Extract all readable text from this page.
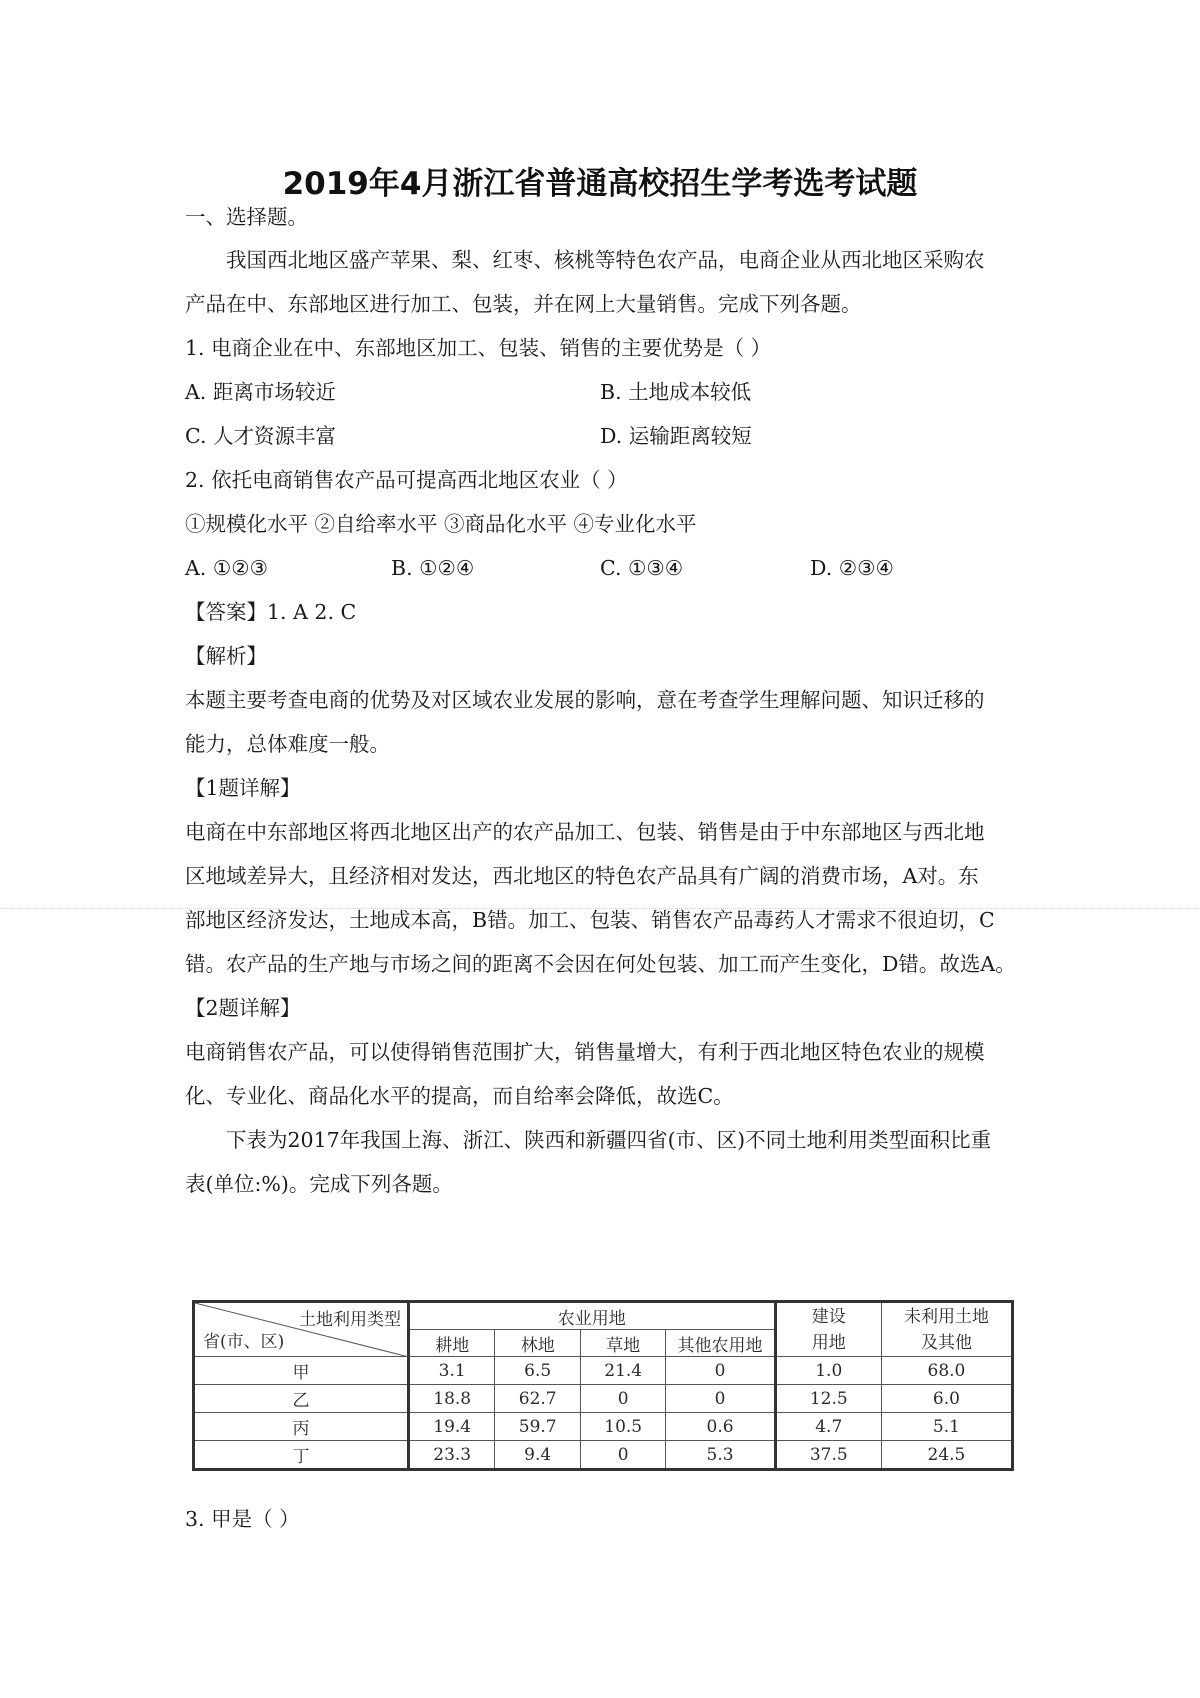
2019年4月浙江省普通高校招生学考选考试题
一、选择题。
我国西北地区盛产苹果、梨、红枣、核桃等特色农产品，电商企业从西北地区采购农
产品在中、东部地区进行加工、包装，并在网上大量销售。完成下列各题。
1. 电商企业在中、东部地区加工、包装、销售的主要优势是（ ）
A. 距离市场较近	B. 土地成本较低
C. 人才资源丰富	D. 运输距离较短
2. 依托电商销售农产品可提高西北地区农业（ ）
①规模化水平 ②自给率水平 ③商品化水平 ④专业化水平
A. ①②③	B. ①②④	C. ①③④	D. ②③④
【答案】1. A 2. C
【解析】
本题主要考查电商的优势及对区域农业发展的影响，意在考查学生理解问题、知识迁移的
能力，总体难度一般。
【1题详解】
电商在中东部地区将西北地区出产的农产品加工、包装、销售是由于中东部地区与西北地
区地域差异大，且经济相对发达，西北地区的特色农产品具有广阔的消费市场，A对。东
部地区经济发达，土地成本高，B错。加工、包装、销售农产品毒药人才需求不很迫切，C
错。农产品的生产地与市场之间的距离不会因在何处包装、加工而产生变化，D错。故选A。
【2题详解】
电商销售农产品，可以使得销售范围扩大，销售量增大，有利于西北地区特色农业的规模
化、专业化、商品化水平的提高，而自给率会降低，故选C。
下表为2017年我国上海、浙江、陕西和新疆四省(市、区)不同土地利用类型面积比重
表(单位:%)。完成下列各题。
土地利用类型
省(市、区)	农业用地				建设
用地	未利用土地
及其他
	耕地	林地	草地	其他农用地		
甲	3.1	6.5	21.4	0	1.0	68.0
乙	18.8	62.7	0	0	12.5	6.0
丙	19.4	59.7	10.5	0.6	4.7	5.1
丁	23.3	9.4	0	5.3	37.5	24.5
3. 甲是（ ）
